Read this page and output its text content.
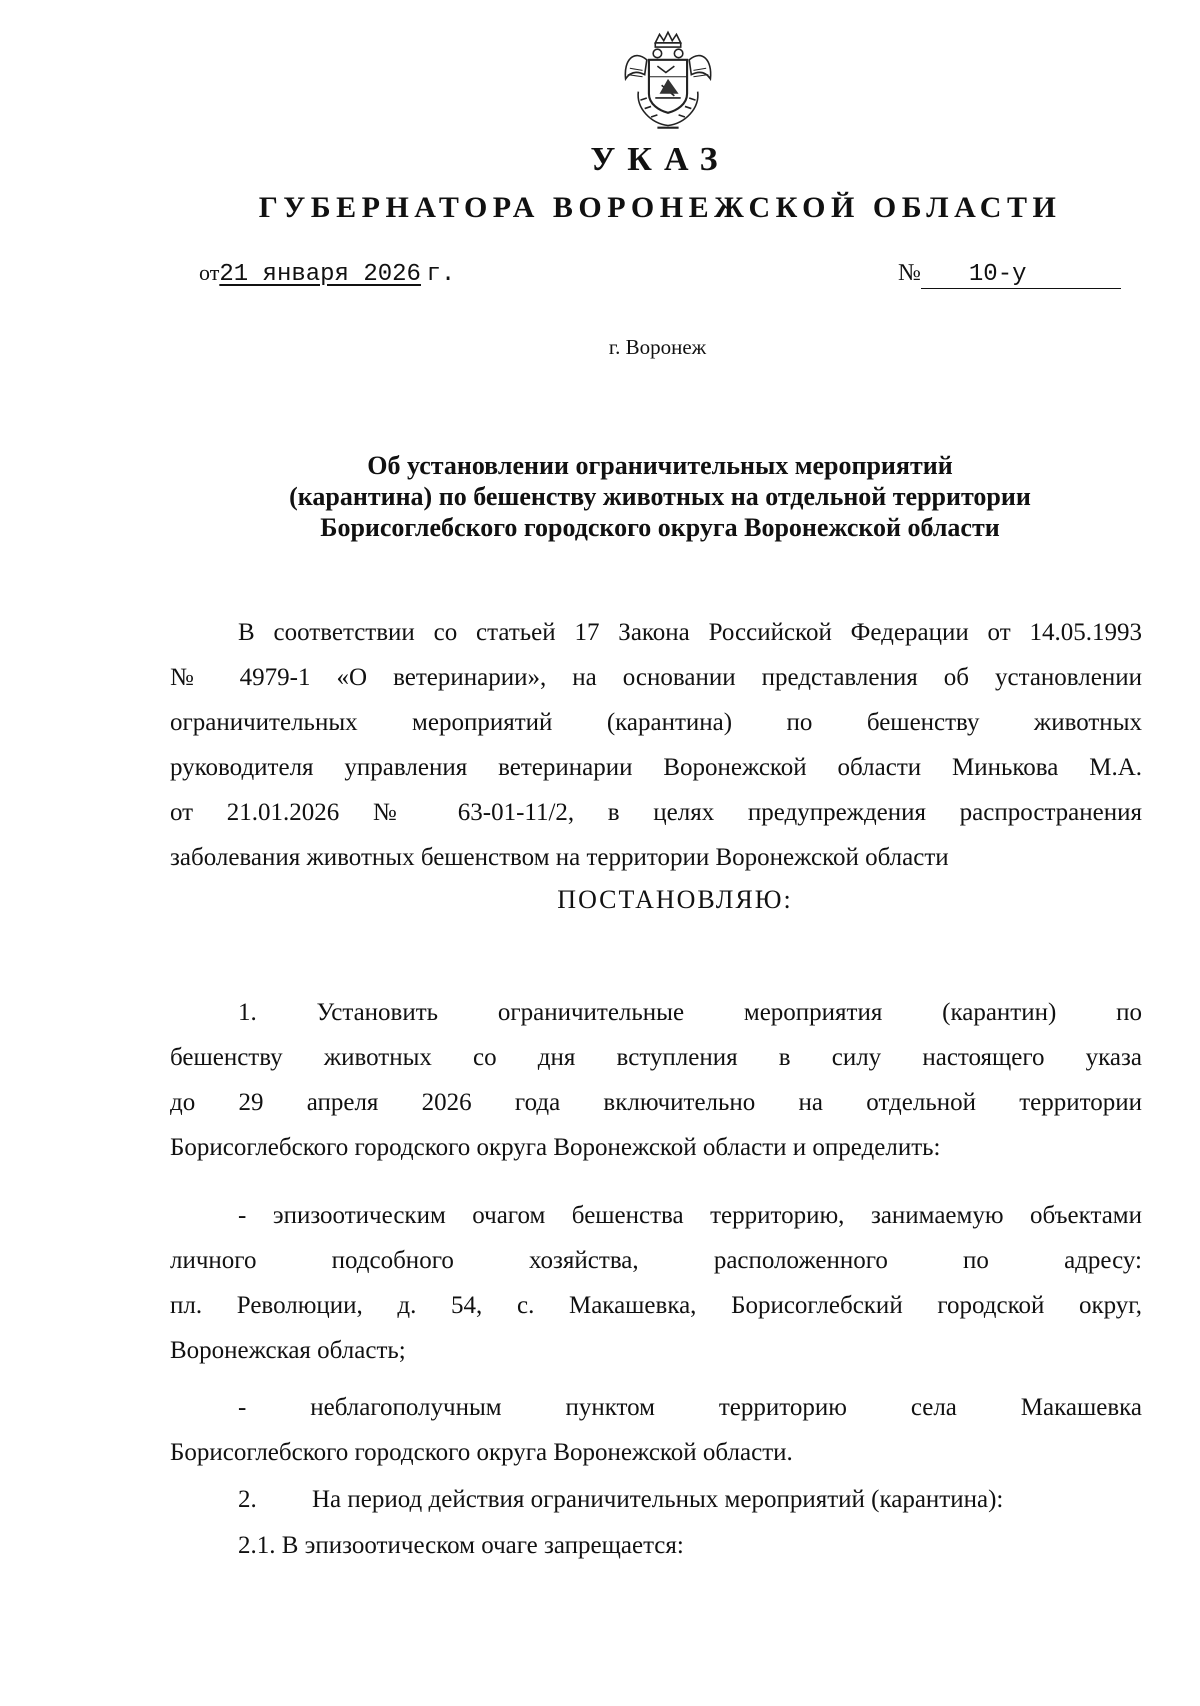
УКАЗ
ГУБЕРНАТОРА ВОРОНЕЖСКОЙ ОБЛАСТИ
от21 января 2026 г.	№ 10-у
г. Воронеж
Об установлении ограничительных мероприятий
(карантина) по бешенству животных на отдельной территории
Борисоглебского городского округа Воронежской области
В соответствии со статьей 17 Закона Российской Федерации от 14.05.1993
№ 4979-1 «О ветеринарии», на основании представления об установлении
ограничительных мероприятий (карантина) по бешенству животных
руководителя управления ветеринарии Воронежской области Минькова М.А.
от 21.01.2026 № 63-01-11/2, в целях предупреждения распространения
заболевания животных бешенством на территории Воронежской области
ПОСТАНОВЛЯЮ:
1. Установить ограничительные мероприятия (карантин) по
бешенству животных со дня вступления в силу настоящего указа
до 29 апреля 2026 года включительно на отдельной территории
Борисоглебского городского округа Воронежской области и определить:
- эпизоотическим очагом бешенства территорию, занимаемую объектами
личного подсобного хозяйства, расположенного по адресу:
пл. Революции, д. 54, с. Макашевка, Борисоглебский городской округ,
Воронежская область;
- неблагополучным пунктом территорию села Макашевка
Борисоглебского городского округа Воронежской области.
2. На период действия ограничительных мероприятий (карантина):
2.1. В эпизоотическом очаге запрещается:
